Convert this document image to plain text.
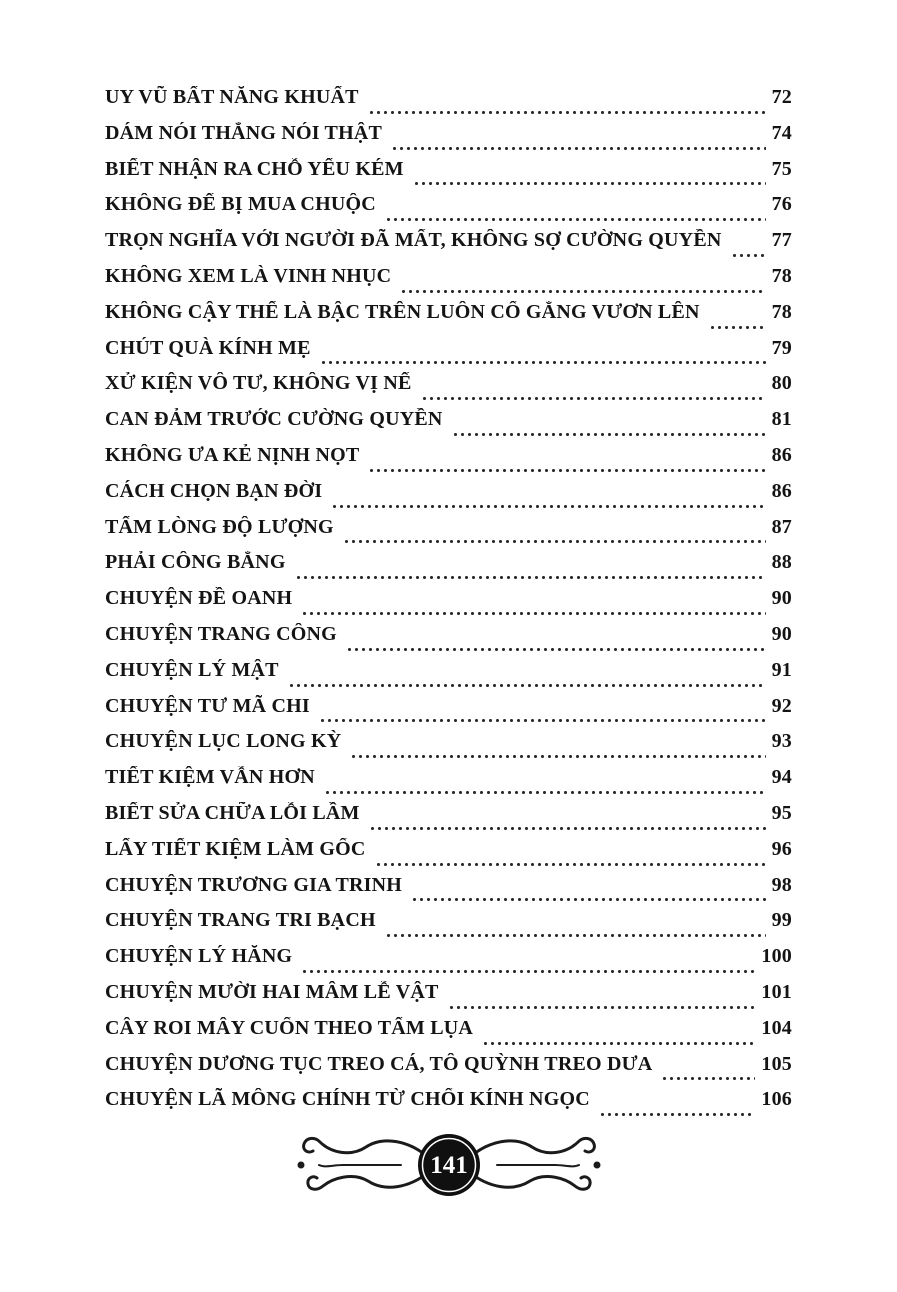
UY VŨ BẤT NĂNG KHUẤT	72
DÁM NÓI THẲNG NÓI THẬT	74
BIẾT NHẬN RA CHỖ YẾU KÉM	75
KHÔNG ĐỂ BỊ MUA CHUỘC	76
TRỌN NGHĨA VỚI NGƯỜI ĐÃ MẤT, KHÔNG SỢ CƯỜNG QUYỀN	77
KHÔNG XEM LÀ VINH NHỤC	78
KHÔNG CẬY THẾ LÀ BẬC TRÊN LUÔN CỐ GẮNG VƯƠN LÊN	78
CHÚT QUÀ KÍNH MẸ	79
XỬ KIỆN VÔ TƯ, KHÔNG VỊ NỂ	80
CAN ĐẢM TRƯỚC CƯỜNG QUYỀN	81
KHÔNG ƯA KẺ NỊNH NỌT	86
CÁCH CHỌN BẠN ĐỜI	86
TẤM LÒNG ĐỘ LƯỢNG	87
PHẢI CÔNG BẰNG	88
CHUYỆN ĐỀ OANH	90
CHUYỆN TRANG CÔNG	90
CHUYỆN LÝ MẬT	91
CHUYỆN TƯ MÃ CHI	92
CHUYỆN LỤC LONG KỲ	93
TIẾT KIỆM VẪN HƠN	94
BIẾT SỬA CHỮA LỖI LẦM	95
LẤY TIẾT KIỆM LÀM GỐC	96
CHUYỆN TRƯƠNG GIA TRINH	98
CHUYỆN TRANG TRI BẠCH	99
CHUYỆN LÝ HĂNG	100
CHUYỆN MƯỜI HAI MÂM LỄ VẬT	101
CÂY ROI MÂY CUỐN THEO TẤM LỤA	104
CHUYỆN DƯƠNG TỤC TREO CÁ, TÔ QUỲNH TREO DƯA	105
CHUYỆN LÃ MÔNG CHÍNH TỪ CHỐI KÍNH NGỌC	106
141
